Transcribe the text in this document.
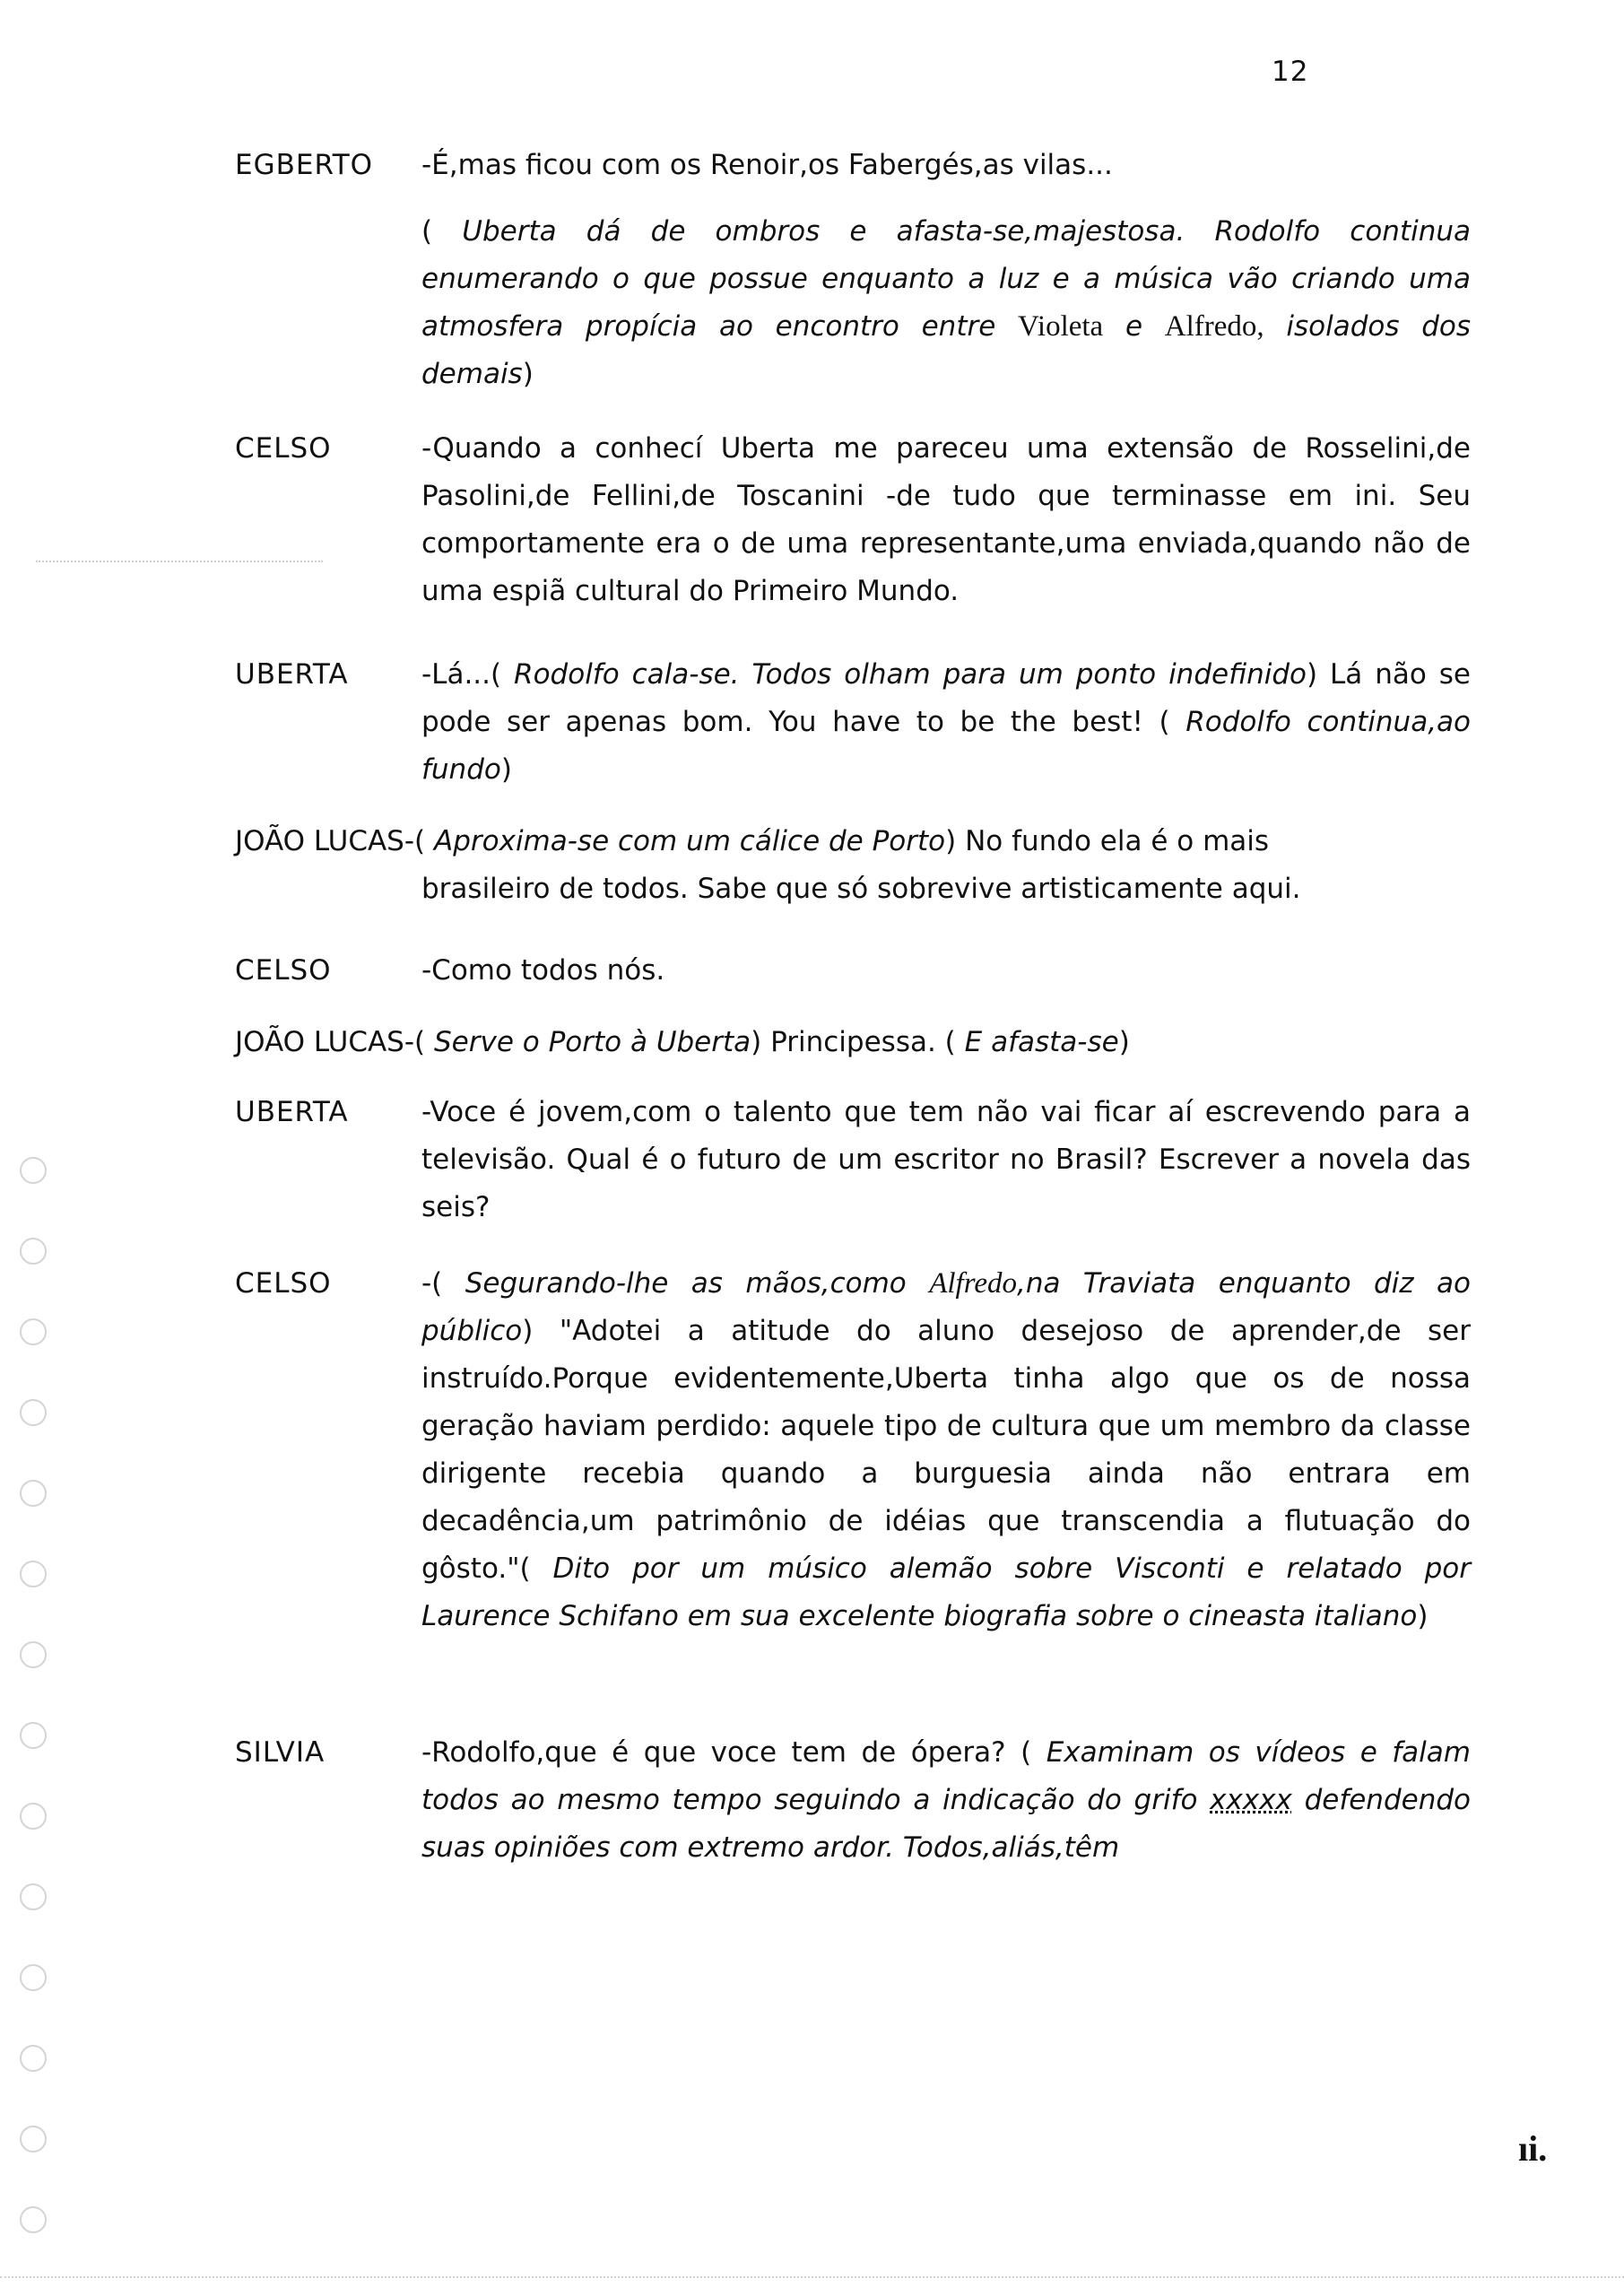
12
EGBERTO -É,mas ficou com os Renoir,os Fabergés,as vilas...
( Uberta dá de ombros e afasta-se,majestosa. Rodolfo continua enumerando o que possue enquanto a luz e a música vão criando uma atmosfera propícia ao encontro entre Violeta e Alfredo, isolados dos demais)
CELSO	-Quando a conhecí Uberta me pareceu uma extensão de Rosselini,de Pasolini,de Fellini,de Toscanini -de tudo que terminasse em ini. Seu comportamente era o de uma representante,uma enviada,quando não de uma espiã cultural do Primeiro Mundo.
UBERTA	-Lá...( Rodolfo cala-se. Todos olham para um ponto indefinido) Lá não se pode ser apenas bom. You have to be the best! ( Rodolfo continua,ao fundo)
JOÃO LUCAS-( Aproxima-se com um cálice de Porto) No fundo ela é o mais
brasileiro de todos. Sabe que só sobrevive artisticamente aqui.
CELSO	-Como todos nós.
JOÃO LUCAS-( Serve o Porto à Uberta) Principessa. ( E afasta-se)
UBERTA	-Voce é jovem,com o talento que tem não vai ficar aí escrevendo para a televisão. Qual é o futuro de um escritor no Brasil? Escrever a novela das seis?
CELSO	-( Segurando-lhe as mãos,como Alfredo,na Traviata enquanto diz ao público) "Adotei a atitude do aluno desejoso de aprender,de ser instruído.Porque evidentemente,Uberta tinha algo que os de nossa geração haviam perdido: aquele tipo de cultura que um membro da classe dirigente recebia quando a burguesia ainda não entrara em decadência,um patrimônio de idéias que transcendia a flutuação do gôsto."( Dito por um músico alemão sobre Visconti e relatado por Laurence Schifano em sua excelente biografia sobre o cineasta italiano)
SILVIA	-Rodolfo,que é que voce tem de ópera? ( Examinam os vídeos e falam todos ao mesmo tempo seguindo a indicação do grifo xxxxx defendendo suas opiniões com extremo ardor. Todos,aliás,têm
ıi.
